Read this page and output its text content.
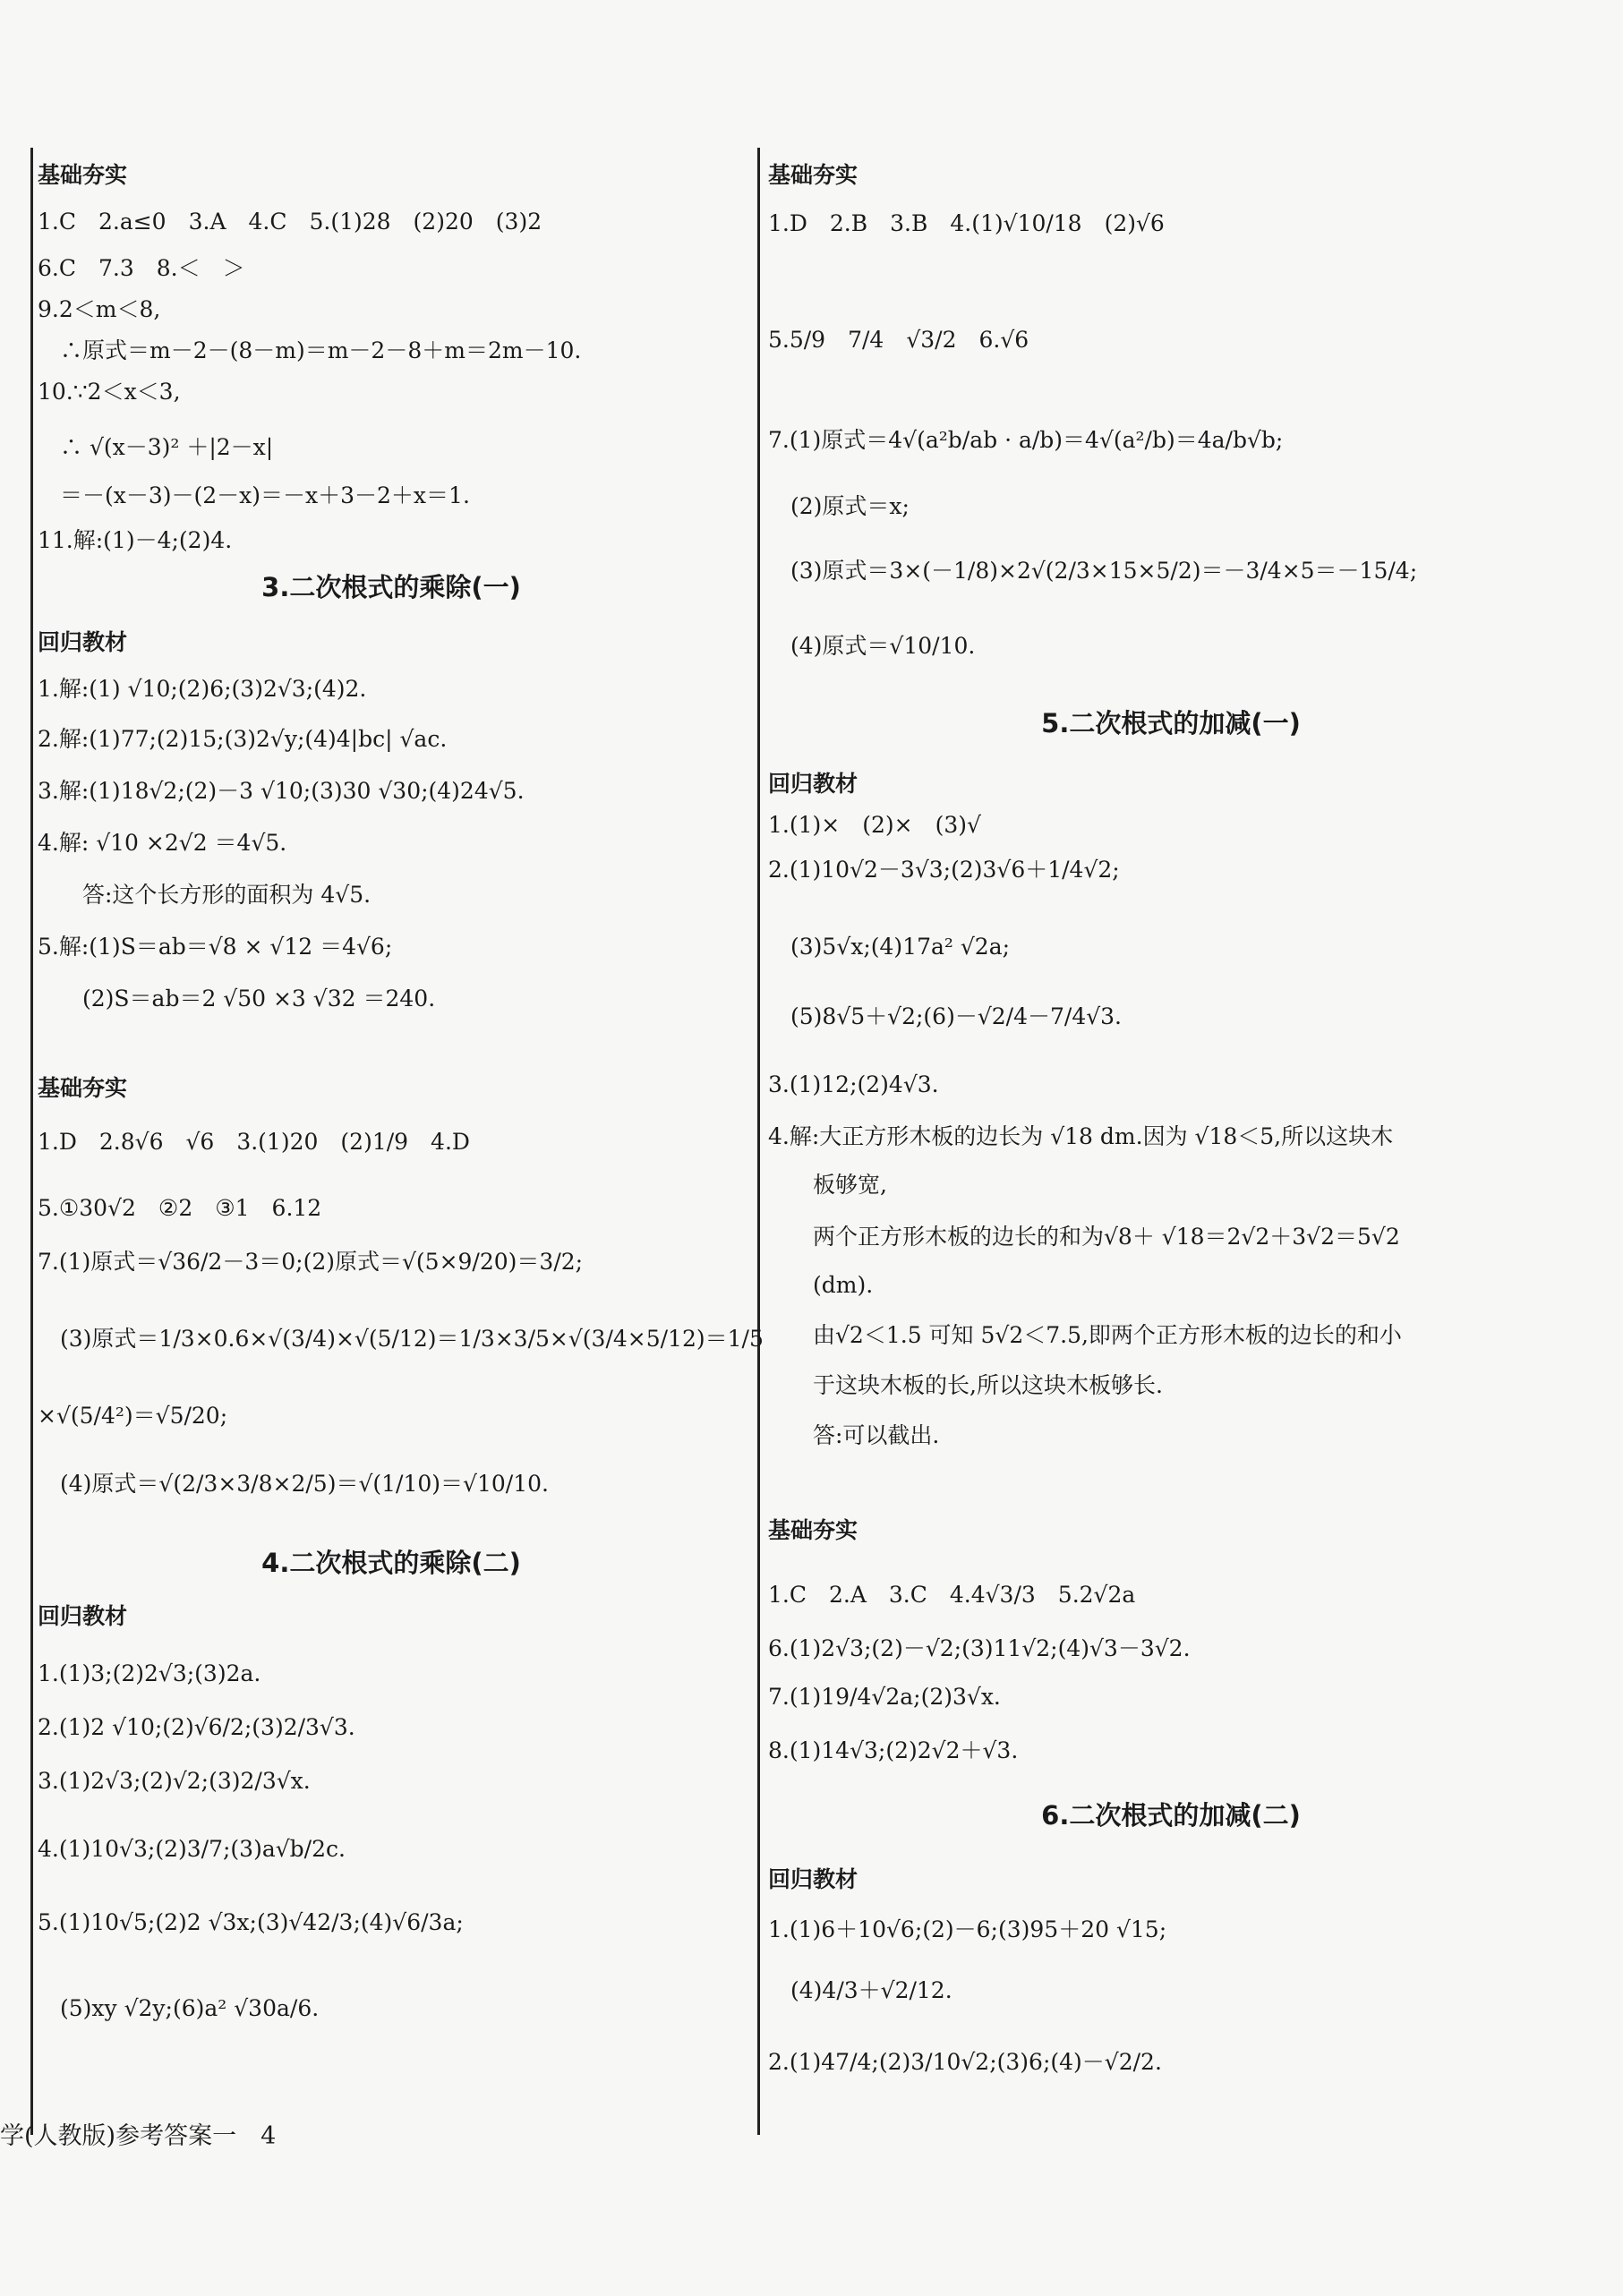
基础夯实
1.C　2.a≤0　3.A　4.C　5.(1)28　(2)20　(3)2
6.C　7.3　8.＜　＞
9.2＜m＜8,
　∴原式＝m－2－(8－m)＝m－2－8＋m＝2m－10.
10.∵2＜x＜3,
　∴ √(x－3)² ＋|2－x|
　＝－(x－3)－(2－x)＝－x＋3－2＋x＝1.
11.解:(1)－4;(2)4.
3.二次根式的乘除(一)
回归教材
1.解:(1) √10;(2)6;(3)2√3;(4)2.
2.解:(1)77;(2)15;(3)2√y;(4)4|bc| √ac.
3.解:(1)18√2;(2)－3 √10;(3)30 √30;(4)24√5.
4.解: √10 ×2√2 ＝4√5.
　　答:这个长方形的面积为 4√5.
5.解:(1)S＝ab＝√8 × √12 ＝4√6;
　　(2)S＝ab＝2 √50 ×3 √32 ＝240.
基础夯实
1.D　2.8√6　√6　3.(1)20　(2)1/9　4.D
5.①30√2　②2　③1　6.12
7.(1)原式＝√36/2－3＝0;(2)原式＝√(5×9/20)＝3/2;
　(3)原式＝1/3×0.6×√(3/4)×√(5/12)＝1/3×3/5×√(3/4×5/12)＝1/5
×√(5/4²)＝√5/20;
　(4)原式＝√(2/3×3/8×2/5)＝√(1/10)＝√10/10.
4.二次根式的乘除(二)
回归教材
1.(1)3;(2)2√3;(3)2a.
2.(1)2 √10;(2)√6/2;(3)2/3√3.
3.(1)2√3;(2)√2;(3)2/3√x.
4.(1)10√3;(2)3/7;(3)a√b/2c.
5.(1)10√5;(2)2 √3x;(3)√42/3;(4)√6/3a;
　(5)xy √2y;(6)a² √30a/6.
基础夯实
1.D　2.B　3.B　4.(1)√10/18　(2)√6
5.5/9　7/4　√3/2　6.√6
7.(1)原式＝4√(a²b/ab · a/b)＝4√(a²/b)＝4a/b√b;
　(2)原式＝x;
　(3)原式＝3×(－1/8)×2√(2/3×15×5/2)＝－3/4×5＝－15/4;
　(4)原式＝√10/10.
5.二次根式的加减(一)
回归教材
1.(1)×　(2)×　(3)√
2.(1)10√2－3√3;(2)3√6＋1/4√2;
　(3)5√x;(4)17a² √2a;
　(5)8√5＋√2;(6)－√2/4－7/4√3.
3.(1)12;(2)4√3.
4.解:大正方形木板的边长为 √18 dm.因为 √18＜5,所以这块木
　　板够宽,
　　两个正方形木板的边长的和为√8＋ √18＝2√2＋3√2＝5√2
　　(dm).
　　由√2＜1.5 可知 5√2＜7.5,即两个正方形木板的边长的和小
　　于这块木板的长,所以这块木板够长.
　　答:可以截出.
基础夯实
1.C　2.A　3.C　4.4√3/3　5.2√2a
6.(1)2√3;(2)－√2;(3)11√2;(4)√3－3√2.
7.(1)19/4√2a;(2)3√x.
8.(1)14√3;(2)2√2＋√3.
6.二次根式的加减(二)
回归教材
1.(1)6＋10√6;(2)－6;(3)95＋20 √15;
　(4)4/3＋√2/12.
2.(1)47/4;(2)3/10√2;(3)6;(4)－√2/2.
学(人教版)参考答案一　4
